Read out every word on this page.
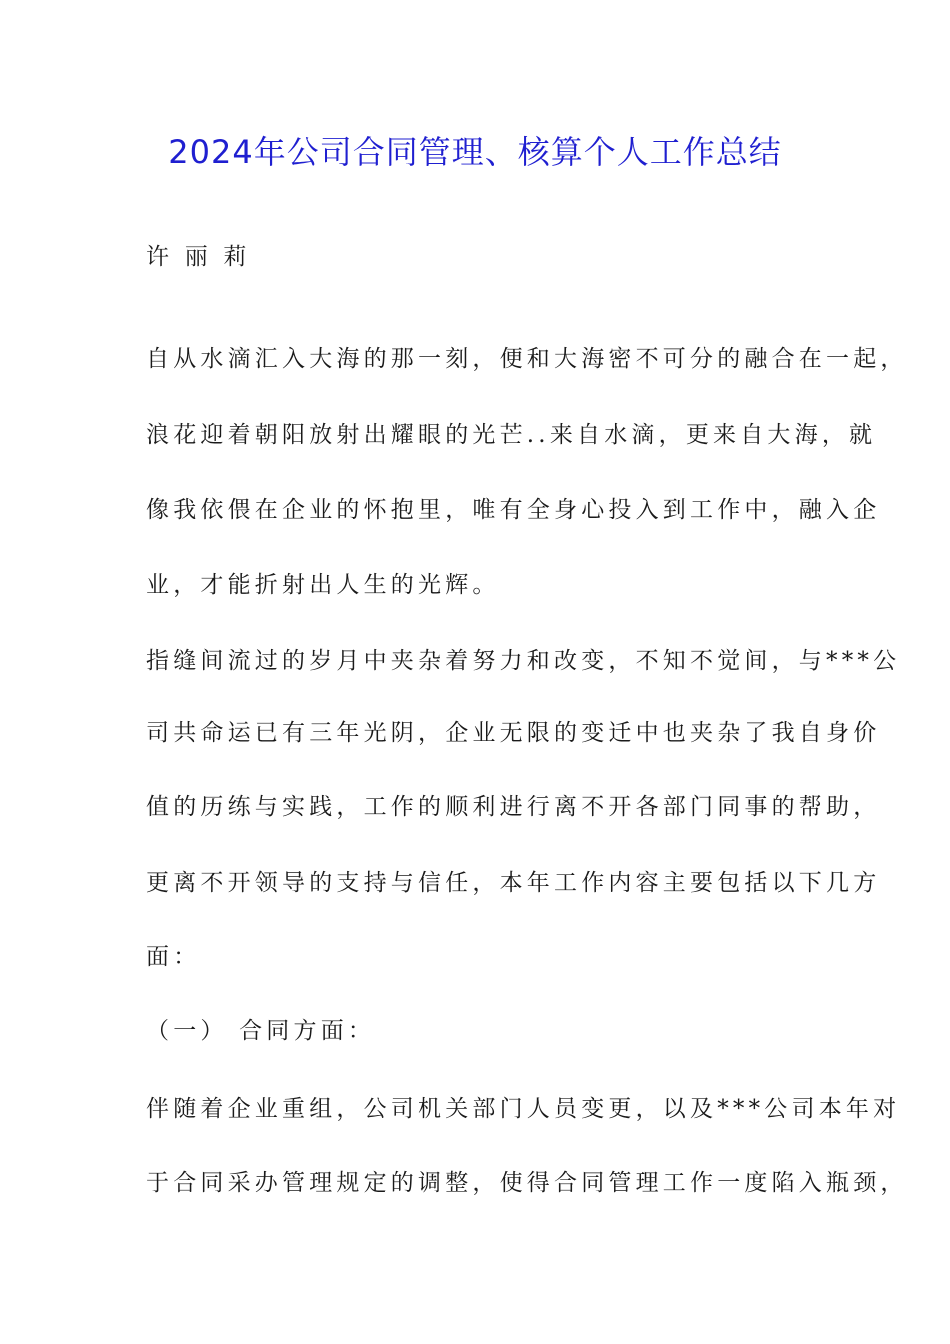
2024年公司合同管理、核算个人工作总结

许 丽 莉

自从水滴汇入大海的那一刻，便和大海密不可分的融合在一起，

浪花迎着朝阳放射出耀眼的光芒..来自水滴，更来自大海，就

像我依偎在企业的怀抱里，唯有全身心投入到工作中，融入企

业，才能折射出人生的光辉。

指缝间流过的岁月中夹杂着努力和改变，不知不觉间，与***公

司共命运已有三年光阴，企业无限的变迁中也夹杂了我自身价

值的历练与实践，工作的顺利进行离不开各部门同事的帮助，

更离不开领导的支持与信任，本年工作内容主要包括以下几方

面：

（一） 合同方面：

伴随着企业重组，公司机关部门人员变更，以及***公司本年对

于合同采办管理规定的调整，使得合同管理工作一度陷入瓶颈，
